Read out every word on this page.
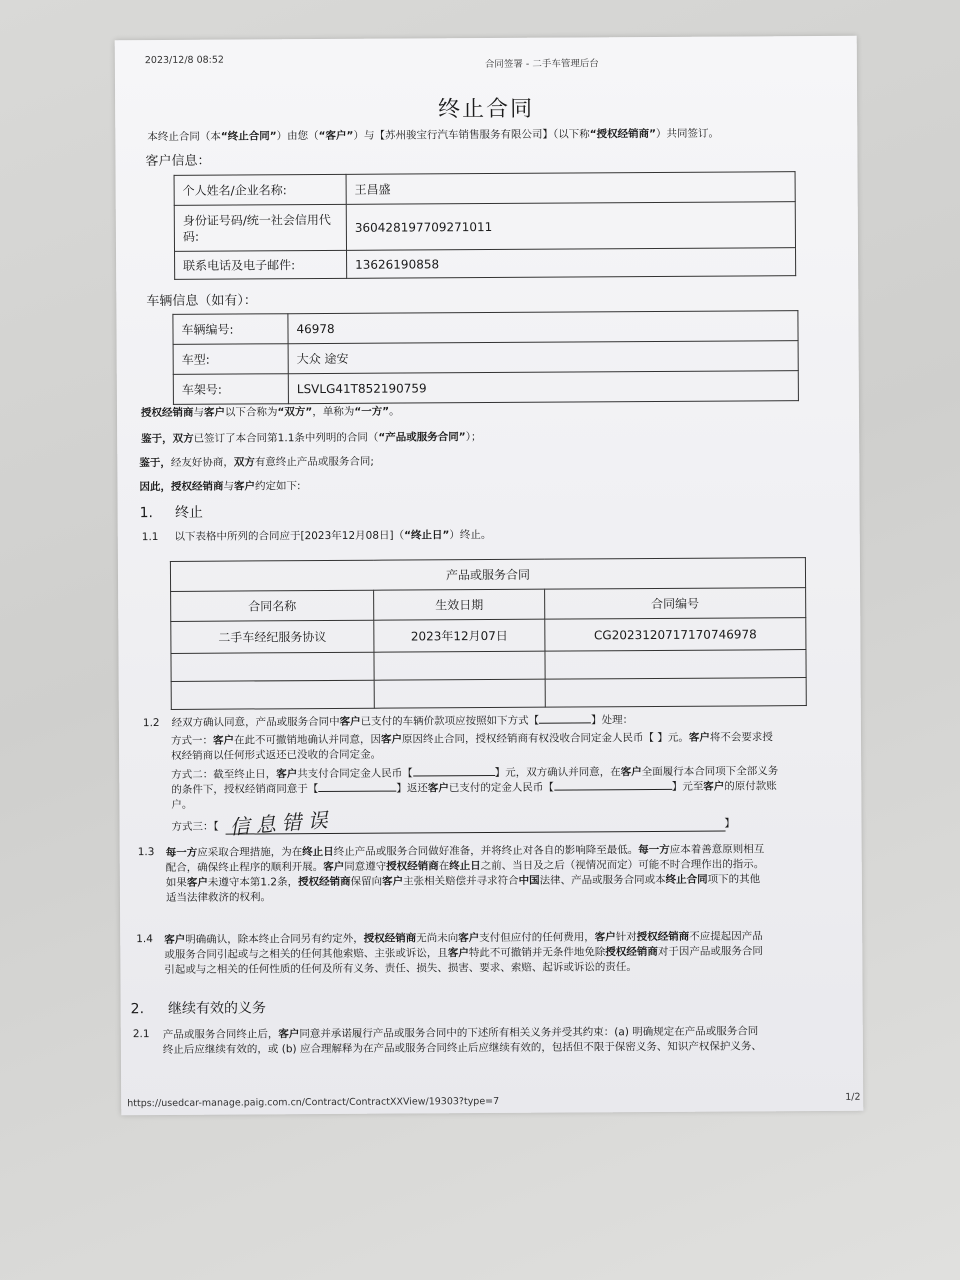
2023/12/8 08:52	合同签署 - 二手车管理后台
终止合同
本终止合同（本“终止合同”）由您（“客户”）与【苏州骏宝行汽车销售服务有限公司】（以下称“授权经销商”）共同签订。
客户信息：
个人姓名/企业名称:	王昌盛
身份证号码/统一社会信用代码:	360428197709271011
联系电话及电子邮件:	13626190858
车辆信息（如有）：
车辆编号:	46978
车型:	大众 途安
车架号:	LSVLG41T852190759
授权经销商与客户以下合称为“双方”，单称为“一方”。
鉴于，双方已签订了本合同第1.1条中列明的合同（“产品或服务合同”）；
鉴于，经友好协商，双方有意终止产品或服务合同;
因此，授权经销商与客户约定如下:
1. 终止
1.1 以下表格中所列的合同应于[2023年12月08日]（“终止日”）终止。
产品或服务合同		
合同名称	生效日期	合同编号
二手车经纪服务协议	2023年12月07日	CG2023120717170746978

1.2 经双方确认同意，产品或服务合同中客户已支付的车辆价款项应按照如下方式【	】处理：
方式一：客户在此不可撤销地确认并同意，因客户原因终止合同，授权经销商有权没收合同定金人民币【 】元。客户将不会要求授
权经销商以任何形式返还已没收的合同定金。
方式二：截至终止日，客户共支付合同定金人民币【	】元，双方确认并同意，在客户全面履行本合同项下全部义务
的条件下，授权经销商同意于【	】返还客户已支付的定金人民币【	】元至客户的原付款账
户。
方式三：【 信息错误	】
1.3 每一方应采取合理措施，为在终止日终止产品或服务合同做好准备，并将终止对各自的影响降至最低。每一方应本着善意原则相互
配合，确保终止程序的顺利开展。客户同意遵守授权经销商在终止日之前、当日及之后（视情况而定）可能不时合理作出的指示。
如果客户未遵守本第1.2条，授权经销商保留向客户主张相关赔偿并寻求符合中国法律、产品或服务合同或本终止合同项下的其他
适当法律救济的权利。
1.4 客户明确确认，除本终止合同另有约定外，授权经销商无尚未向客户支付但应付的任何费用，客户针对授权经销商不应提起因产品
或服务合同引起或与之相关的任何其他索赔、主张或诉讼，且客户特此不可撤销并无条件地免除授权经销商对于因产品或服务合同
引起或与之相关的任何性质的任何及所有义务、责任、损失、损害、要求、索赔、起诉或诉讼的责任。
2. 继续有效的义务
2.1 产品或服务合同终止后，客户同意并承诺履行产品或服务合同中的下述所有相关义务并受其约束：(a) 明确规定在产品或服务合同
终止后应继续有效的，或 (b) 应合理解释为在产品或服务合同终止后应继续有效的，包括但不限于保密义务、知识产权保护义务、
https://usedcar-manage.paig.com.cn/Contract/ContractXXView/19303?type=7	1/2
